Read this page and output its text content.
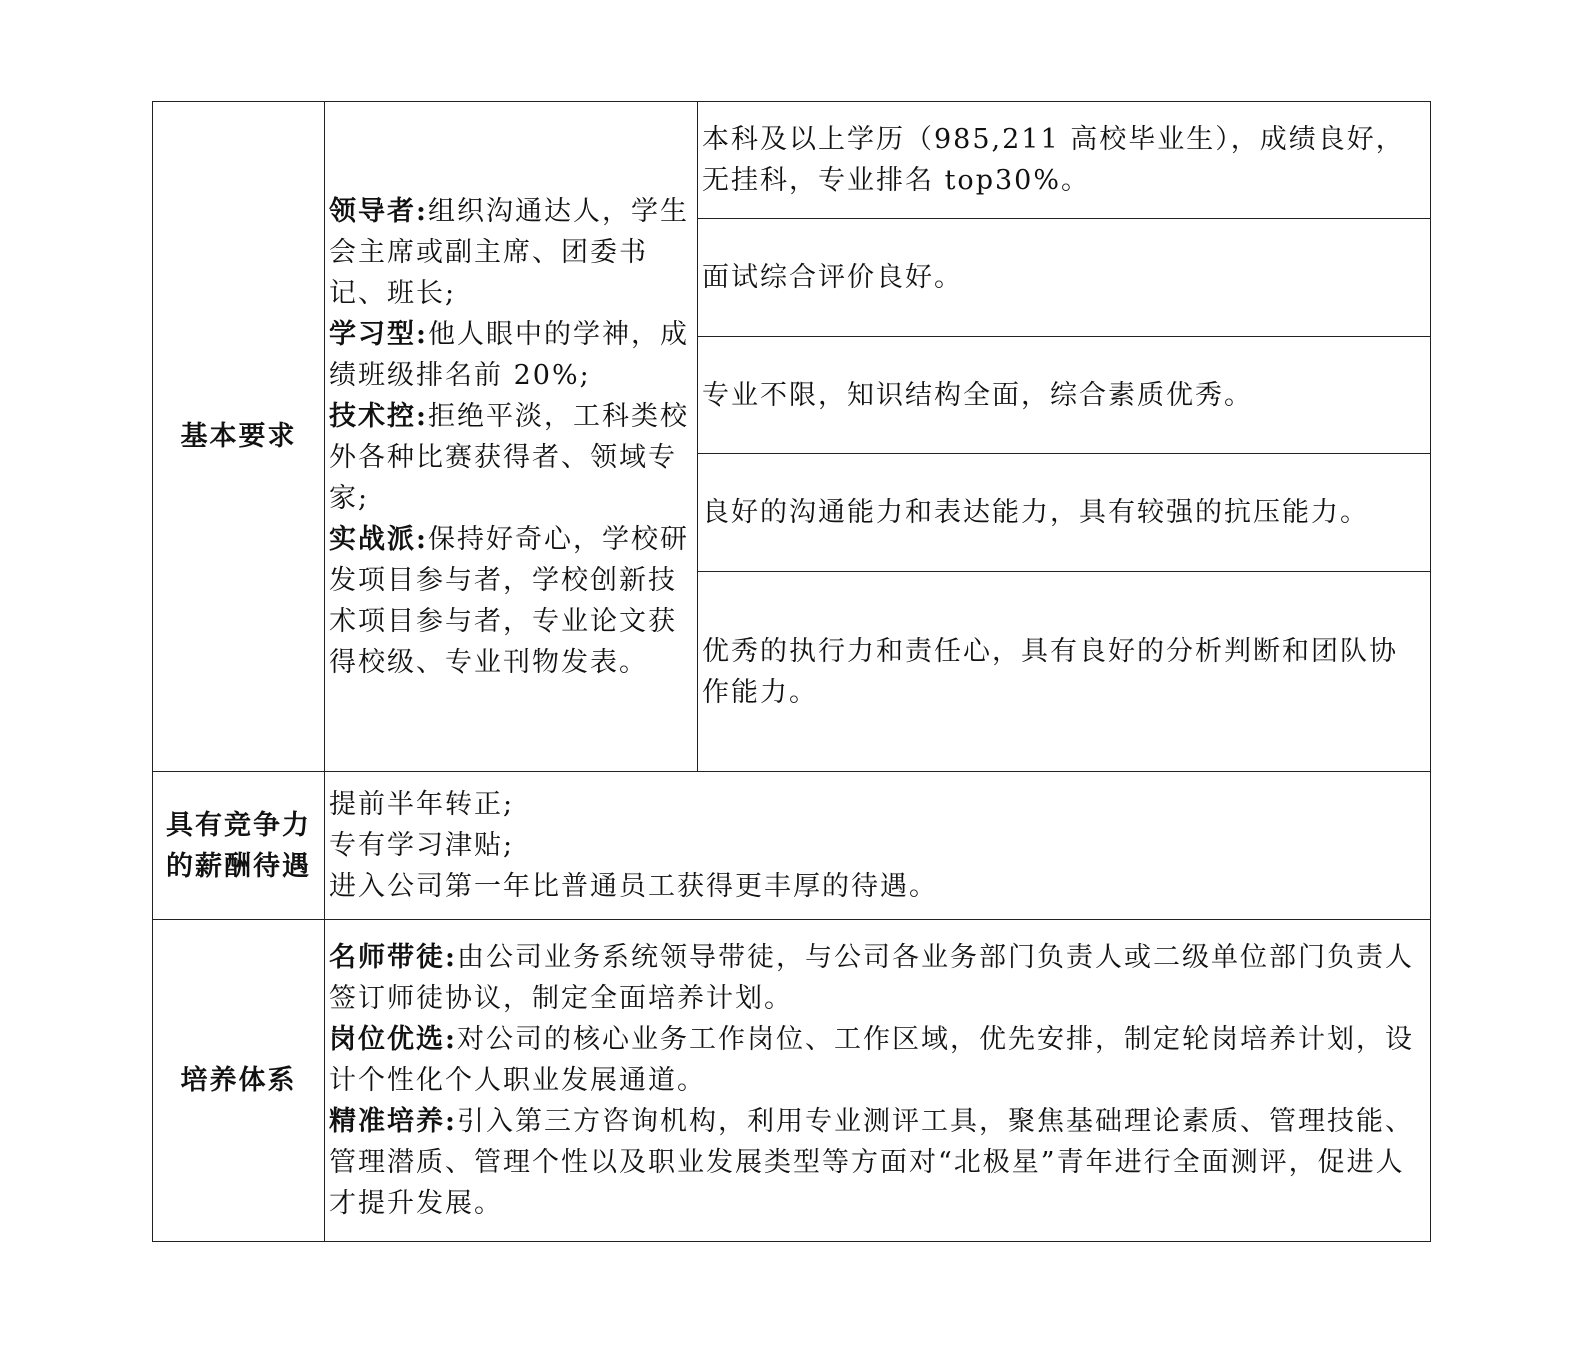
基本要求
领导者:组织沟通达人，学生会主席或副主席、团委书记、班长;
学习型:他人眼中的学神，成绩班级排名前 20%;
技术控:拒绝平淡，工科类校外各种比赛获得者、领域专家;
实战派:保持好奇心，学校研发项目参与者，学校创新技术项目参与者，专业论文获得校级、专业刊物发表。
本科及以上学历（985,211 高校毕业生），成绩良好，无挂科，专业排名 top30%。
面试综合评价良好。
专业不限，知识结构全面，综合素质优秀。
良好的沟通能力和表达能力，具有较强的抗压能力。
优秀的执行力和责任心，具有良好的分析判断和团队协作能力。
具有竞争力的薪酬待遇
提前半年转正;
专有学习津贴;
进入公司第一年比普通员工获得更丰厚的待遇。
培养体系
名师带徒:由公司业务系统领导带徒，与公司各业务部门负责人或二级单位部门负责人签订师徒协议，制定全面培养计划。
岗位优选:对公司的核心业务工作岗位、工作区域，优先安排，制定轮岗培养计划，设计个性化个人职业发展通道。
精准培养:引入第三方咨询机构，利用专业测评工具，聚焦基础理论素质、管理技能、管理潜质、管理个性以及职业发展类型等方面对“北极星”青年进行全面测评，促进人才提升发展。
